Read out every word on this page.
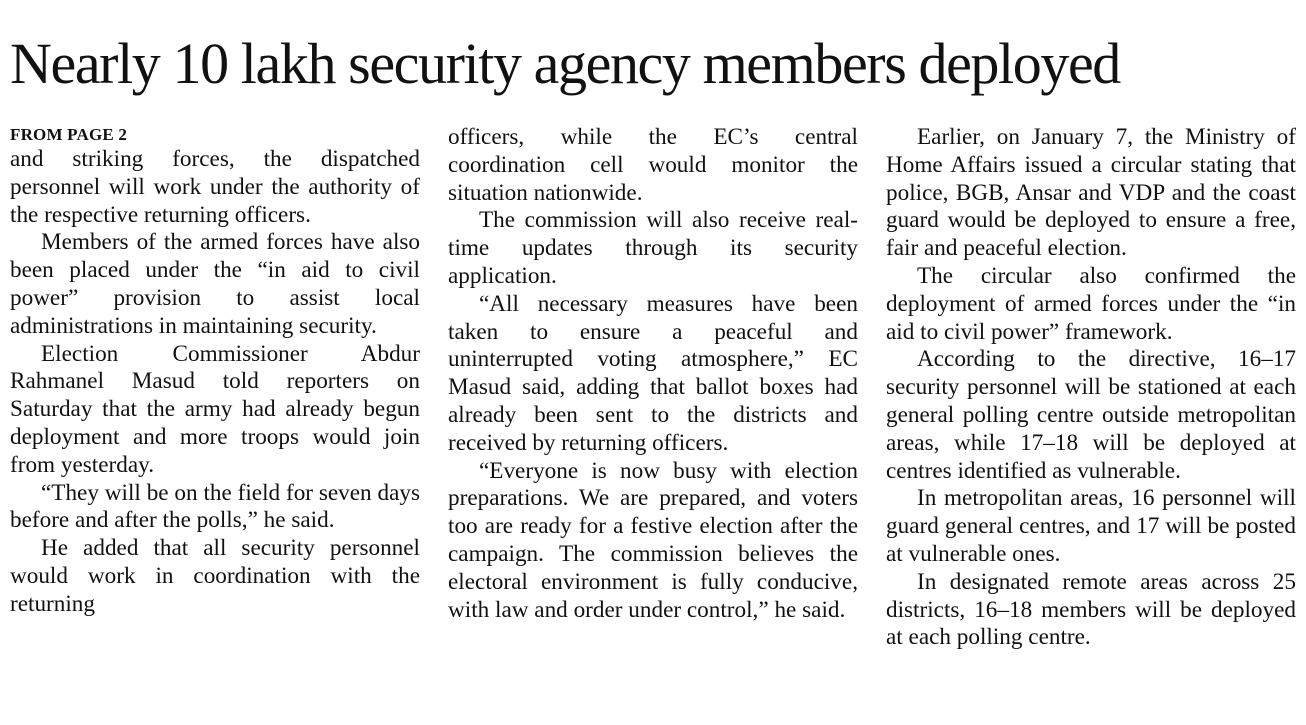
Nearly 10 lakh security agency members deployed
FROM PAGE 2

and striking forces, the dispatched personnel will work under the authority of the respective returning officers.

Members of the armed forces have also been placed under the “in aid to civil power” provision to assist local administrations in maintaining security.

Election Commissioner Abdur Rahmanel Masud told reporters on Saturday that the army had already begun deployment and more troops would join from yesterday.

“They will be on the field for seven days before and after the polls,” he said.

He added that all security personnel would work in coordination with the returning

officers, while the EC’s central coordination cell would monitor the situation nationwide.

The commission will also receive real-time updates through its security application.

“All necessary measures have been taken to ensure a peaceful and uninterrupted voting atmosphere,” EC Masud said, adding that ballot boxes had already been sent to the districts and received by returning officers.

“Everyone is now busy with election preparations. We are prepared, and voters too are ready for a festive election after the campaign. The commission believes the electoral environment is fully conducive, with law and order under control,” he said.

Earlier, on January 7, the Ministry of Home Affairs issued a circular stating that police, BGB, Ansar and VDP and the coast guard would be deployed to ensure a free, fair and peaceful election.

The circular also confirmed the deployment of armed forces under the “in aid to civil power” framework.

According to the directive, 16–17 security personnel will be stationed at each general polling centre outside metropolitan areas, while 17–18 will be deployed at centres identified as vulnerable.

In metropolitan areas, 16 personnel will guard general centres, and 17 will be posted at vulnerable ones.

In designated remote areas across 25 districts, 16–18 members will be deployed at each polling centre.
